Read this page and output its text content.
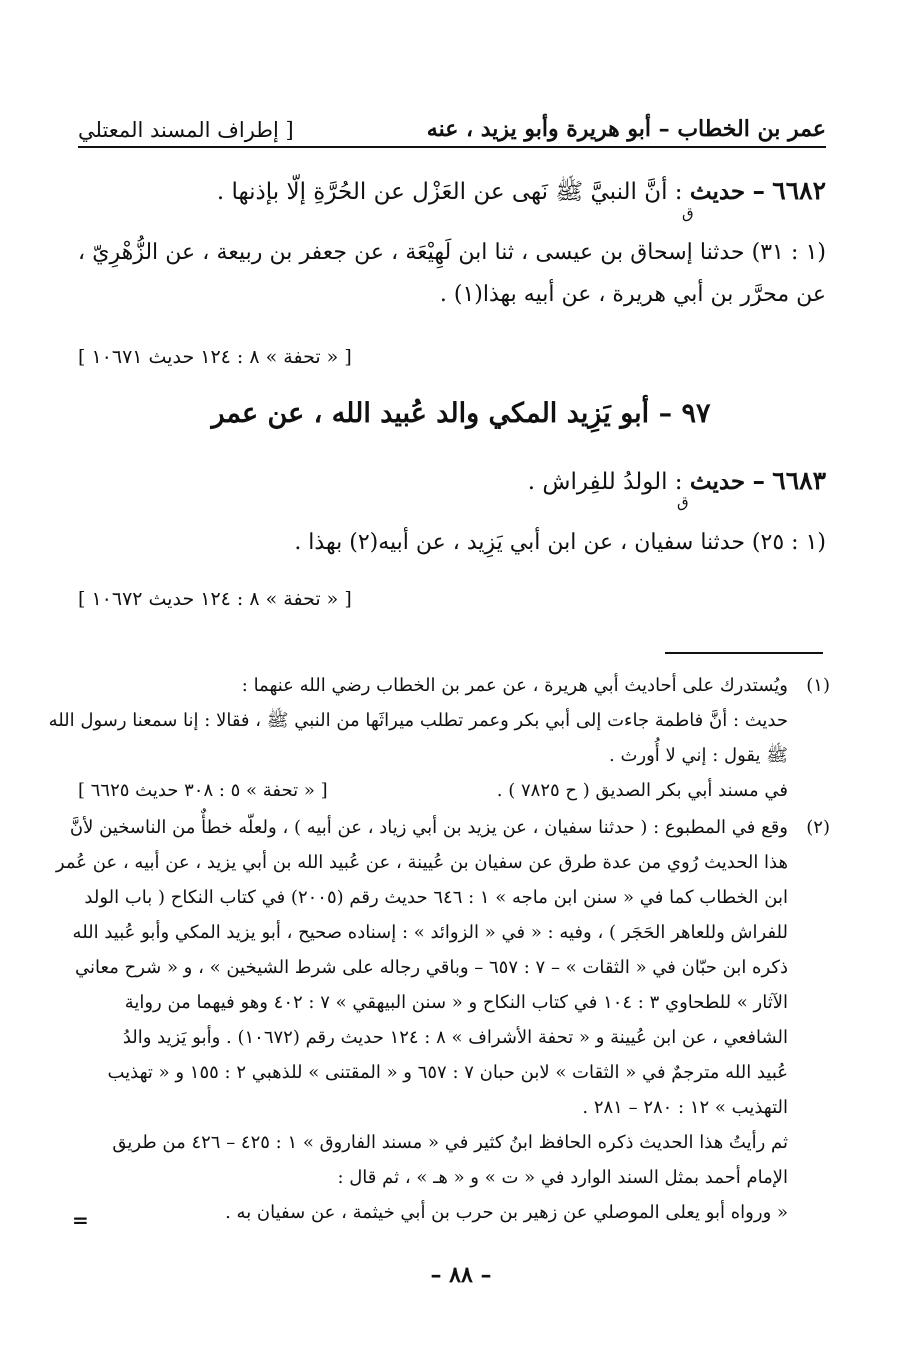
عمر بن الخطاب – أبو هريرة وأبو يزيد ، عنه
[ إطراف المسند المعتلي
٦٦٨٢ – حديث : أنَّ النبيَّ ﷺ نَهى عن العَزْل عن الحُرَّةِ إلّا بإذنها .
ق
(١ : ٣١) حدثنا إسحاق بن عيسى ، ثنا ابن لَهِيْعَة ، عن جعفر بن ربيعة ، عن الزُّهْرِيّ ، عن محرَّر بن أبي هريرة ، عن أبيه بهذا(١) .
[ « تحفة » ٨ : ١٢٤ حديث ١٠٦٧١ ]
٩٧ – أبو يَزِيد المكي والد عُبيد الله ، عن عمر
٦٦٨٣ – حديث : الولدُ للفِراش .
ق
(١ : ٢٥) حدثنا سفيان ، عن ابن أبي يَزِيد ، عن أبيه(٢) بهذا .
[ « تحفة » ٨ : ١٢٤ حديث ١٠٦٧٢ ]
(١)
ويُستدرك على أحاديث أبي هريرة ، عن عمر بن الخطاب رضي الله عنهما :
حديث : أنَّ فاطمة جاءت إلى أبي بكر وعمر تطلب ميراثَها من النبي ﷺ ، فقالا : إنا سمعنا رسول الله
ﷺ يقول : إني لا أُورث .
في مسند أبي بكر الصديق ( ح ٧٨٢٥ ) .
[ « تحفة » ٥ : ٣٠٨ حديث ٦٦٢٥ ]
(٢)
وقع في المطبوع : ( حدثنا سفيان ، عن يزيد بن أبي زياد ، عن أبيه ) ، ولعلّه خطأٌ من الناسخين لأنَّ
هذا الحديث رُوي من عدة طرق عن سفيان بن عُيينة ، عن عُبيد الله بن أبي يزيد ، عن أبيه ، عن عُمر
ابن الخطاب كما في « سنن ابن ماجه » ١ : ٦٤٦ حديث رقم (٢٠٠٥) في كتاب النكاح ( باب الولد
للفراش وللعاهر الحَجَر ) ، وفيه : « في « الزوائد » : إسناده صحيح ، أبو يزيد المكي وأبو عُبيد الله
ذكره ابن حبّان في « الثقات » – ٧ : ٦٥٧ – وباقي رجاله على شرط الشيخين » ، و « شرح معاني
الآثار » للطحاوي ٣ : ١٠٤ في كتاب النكاح و « سنن البيهقي » ٧ : ٤٠٢ وهو فيهما من رواية
الشافعي ، عن ابن عُيينة و « تحفة الأشراف » ٨ : ١٢٤ حديث رقم (١٠٦٧٢) . وأبو يَزيد والدُ
عُبيد الله مترجمٌ في « الثقات » لابن حبان ٧ : ٦٥٧ و « المقتنى » للذهبي ٢ : ١٥٥ و « تهذيب
التهذيب » ١٢ : ٢٨٠ – ٢٨١ .
ثم رأيتُ هذا الحديث ذكره الحافظ ابنُ كثير في « مسند الفاروق » ١ : ٤٢٥ – ٤٢٦ من طريق
الإمام أحمد بمثل السند الوارد في « ت » و « هـ » ، ثم قال :
« ورواه أبو يعلى الموصلي عن زهير بن حرب بن أبي خيثمة ، عن سفيان به .
=
– ٨٨ –
